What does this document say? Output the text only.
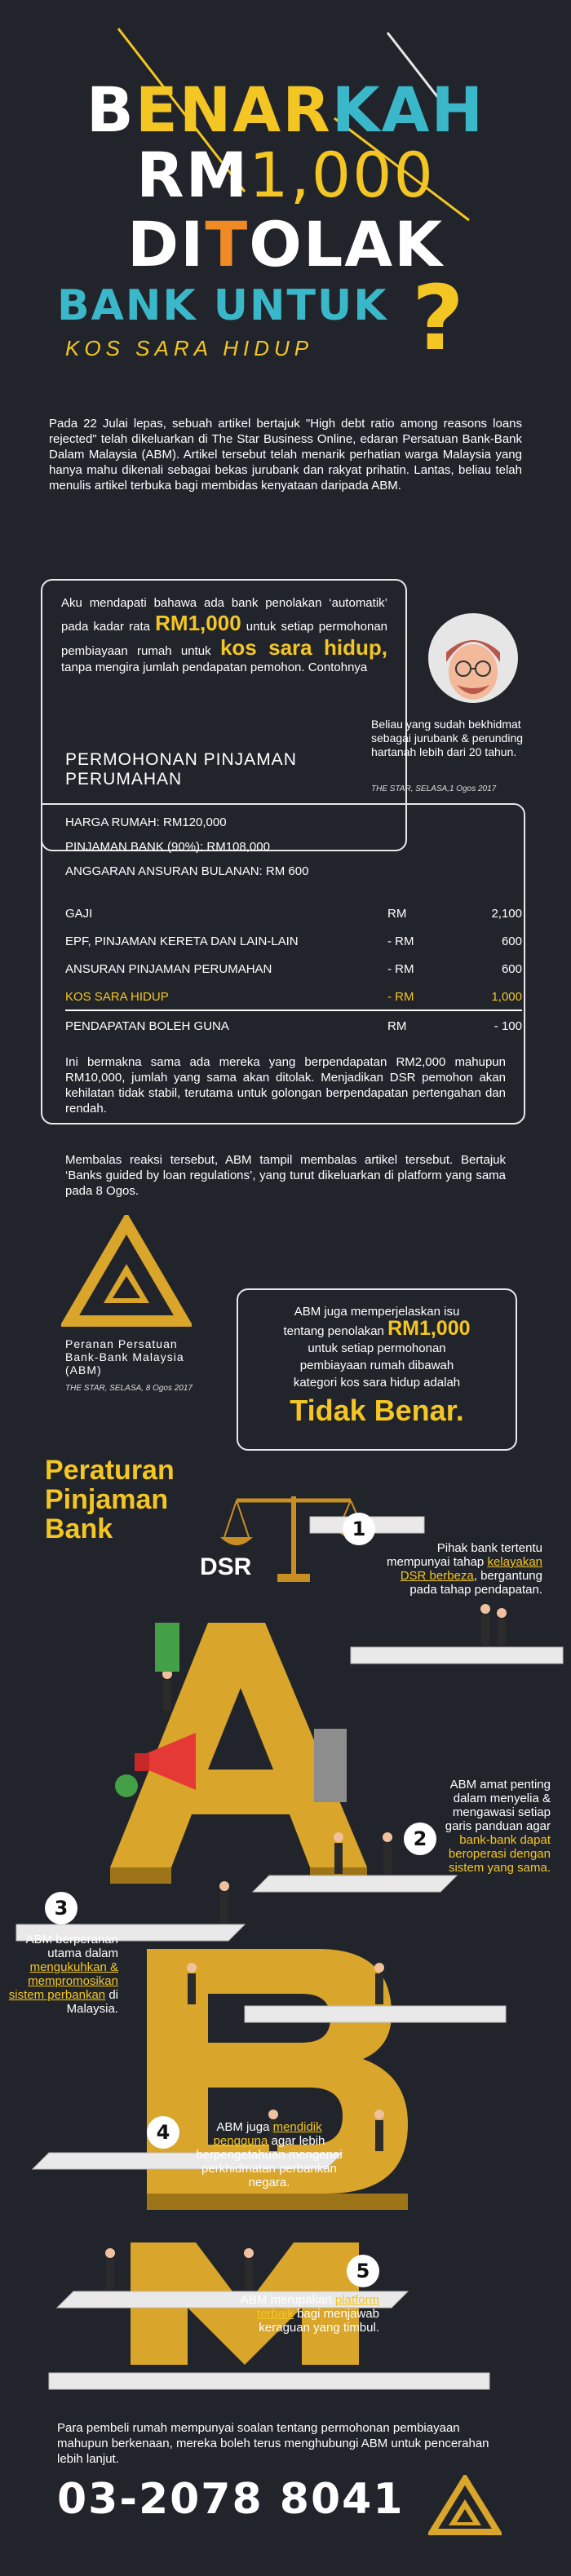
BENARKAH
RM1,000
DITOLAK
BANK UNTUK
KOS SARA HIDUP ?
Pada 22 Julai lepas, sebuah artikel bertajuk "High debt ratio among reasons loans rejected" telah dikeluarkan di The Star Business Online, edaran Persatuan Bank-Bank Dalam Malaysia (ABM). Artikel tersebut telah menarik perhatian warga Malaysia yang hanya mahu dikenali sebagai bekas jurubank dan rakyat prihatin. Lantas, beliau telah menulis artikel terbuka bagi membidas kenyataan daripada ABM.
Aku mendapati bahawa ada bank penolakan ‘automatik’ pada kadar rata RM1,000 untuk setiap permohonan pembiayaan rumah untuk kos sara hidup, tanpa mengira jumlah pendapatan pemohon. Contohnya
Beliau yang sudah bekhidmat sebagai jurubank & perunding hartanah lebih dari 20 tahun.
THE STAR, SELASA,1 Ogos 2017
PERMOHONAN PINJAMAN
PERUMAHAN
HARGA RUMAH: RM120,000
PINJAMAN BANK (90%): RM108,000
ANGGARAN ANSURAN BULANAN: RM 600
GAJI	RM	2,100
EPF, PINJAMAN KERETA DAN LAIN-LAIN	- RM	600
ANSURAN PINJAMAN PERUMAHAN	- RM	600
KOS SARA HIDUP	- RM	1,000
PENDAPATAN BOLEH GUNA	RM	- 100
Ini bermakna sama ada mereka yang berpendapatan RM2,000 mahupun RM10,000, jumlah yang sama akan ditolak. Menjadikan DSR pemohon akan kehilatan tidak stabil, terutama untuk golongan berpendapatan pertengahan dan rendah.
Membalas reaksi tersebut, ABM tampil membalas artikel tersebut. Bertajuk ‘Banks guided by loan regulations’, yang turut dikeluarkan di platform yang sama pada 8 Ogos.
Peranan Persatuan Bank-Bank Malaysia (ABM)
THE STAR, SELASA, 8 Ogos 2017
ABM juga memperjelaskan isu
tentang penolakan RM1,000
untuk setiap permohonan
pembiayaan rumah dibawah
kategori kos sara hidup adalah
Tidak Benar.
Peraturan
Pinjaman
Bank
DSR
1
Pihak bank tertentu mempunyai tahap kelayakan DSR berbeza, bergantung pada tahap pendapatan.
2
ABM amat penting dalam menyelia & mengawasi setiap garis panduan agar bank-bank dapat beroperasi dengan sistem yang sama.
3
ABM berperanan utama dalam mengukuhkan & mempromosikan sistem perbankan di Malaysia.
4	ABM juga mendidik pengguna agar lebih berpengetahuan mengenai perkhidmatan perbankan negara.
5
ABM merupakan platform terbaik bagi menjawab keraguan yang timbul.
Para pembeli rumah mempunyai soalan tentang permohonan pembiayaan mahupun berkenaan, mereka boleh terus menghubungi ABM untuk pencerahan lebih lanjut.
03-2078 8041
